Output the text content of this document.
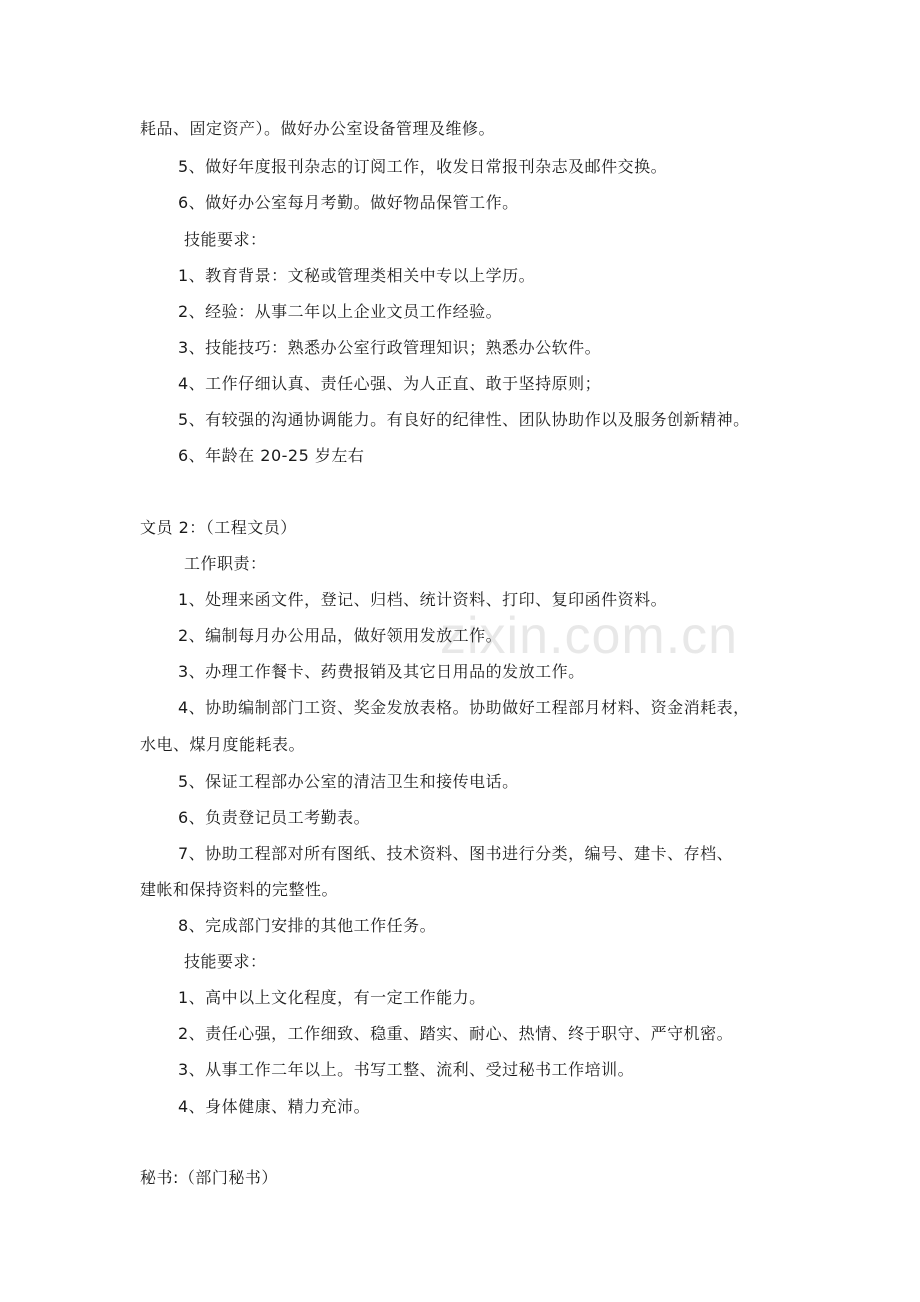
zixin.com.cn
耗品、固定资产）。做好办公室设备管理及维修。
5、做好年度报刊杂志的订阅工作，收发日常报刊杂志及邮件交换。
6、做好办公室每月考勤。做好物品保管工作。
技能要求：
1、教育背景：文秘或管理类相关中专以上学历。
2、经验：从事二年以上企业文员工作经验。
3、技能技巧：熟悉办公室行政管理知识；熟悉办公软件。
4、工作仔细认真、责任心强、为人正直、敢于坚持原则；
5、有较强的沟通协调能力。有良好的纪律性、团队协助作以及服务创新精神。
6、年龄在 20-25 岁左右
文员 2：（工程文员）
工作职责：
1、处理来函文件，登记、归档、统计资料、打印、复印函件资料。
2、编制每月办公用品，做好领用发放工作。
3、办理工作餐卡、药费报销及其它日用品的发放工作。
4、协助编制部门工资、奖金发放表格。协助做好工程部月材料、资金消耗表，
水电、煤月度能耗表。
5、保证工程部办公室的清洁卫生和接传电话。
6、负责登记员工考勤表。
7、协助工程部对所有图纸、技术资料、图书进行分类，编号、建卡、存档、
建帐和保持资料的完整性。
8、完成部门安排的其他工作任务。
技能要求：
1、高中以上文化程度，有一定工作能力。
2、责任心强，工作细致、稳重、踏实、耐心、热情、终于职守、严守机密。
3、从事工作二年以上。书写工整、流利、受过秘书工作培训。
4、身体健康、精力充沛。
秘书:（部门秘书）
